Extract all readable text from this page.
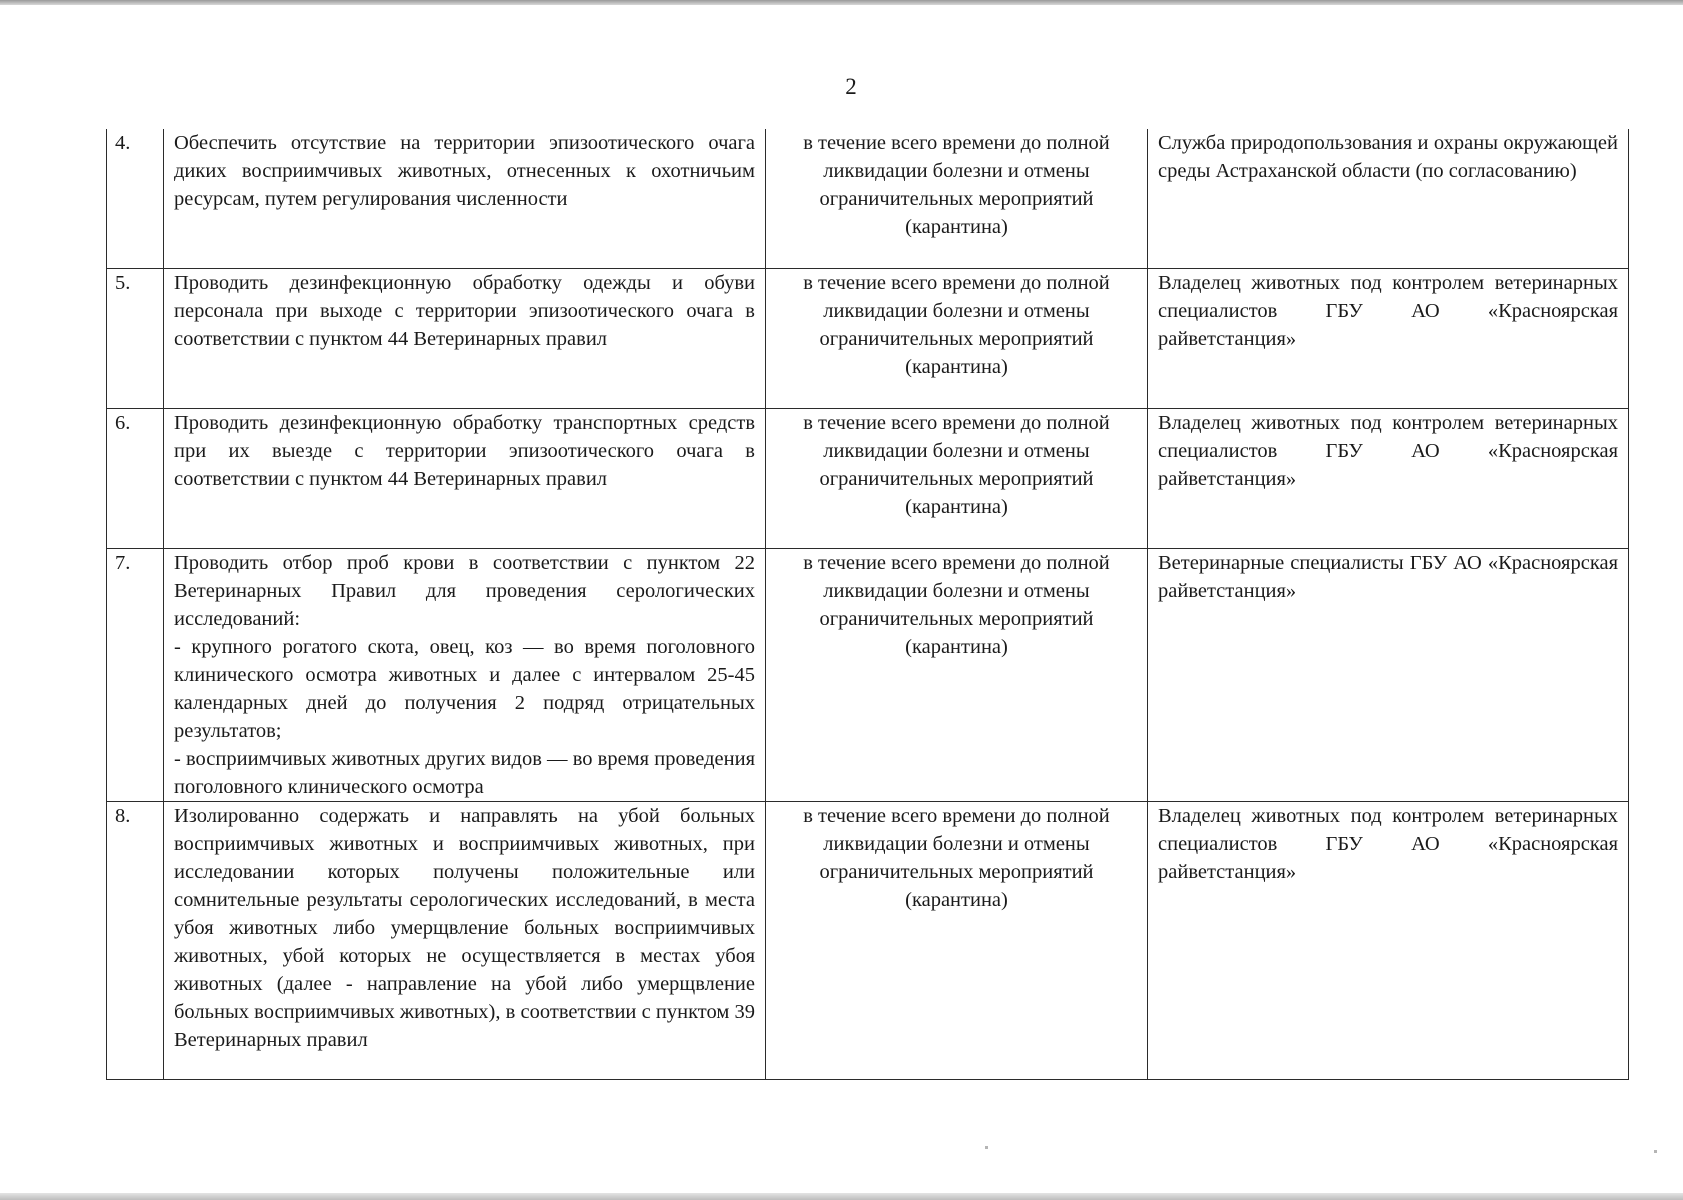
2
4.	Обеспечить отсутствие на территории эпизоотического очага диких восприимчивых животных, отнесенных к охотничьим ресурсам, путем регулирования численности	в течение всего времени до полной ликвидации болезни и отмены ограничительных мероприятий (карантина)	Служба природопользования и охраны окружающей среды Астраханской области (по согласованию)
5.	Проводить дезинфекционную обработку одежды и обуви персонала при выходе с территории эпизоотического очага в соответствии с пунктом 44 Ветеринарных правил	в течение всего времени до полной ликвидации болезни и отмены ограничительных мероприятий (карантина)	Владелец животных под контролем ветеринарных специалистов ГБУ АО «Красноярская райветстанция»
6.	Проводить дезинфекционную обработку транспортных средств при их выезде с территории эпизоотического очага в соответствии с пунктом 44 Ветеринарных правил	в течение всего времени до полной ликвидации болезни и отмены ограничительных мероприятий (карантина)	Владелец животных под контролем ветеринарных специалистов ГБУ АО «Красноярская райветстанция»
7.	Проводить отбор проб крови в соответствии с пунктом 22 Ветеринарных Правил для проведения серологических исследований:
- крупного рогатого скота, овец, коз — во время поголовного клинического осмотра животных и далее с интервалом 25-45 календарных дней до получения 2 подряд отрицательных результатов;
- восприимчивых животных других видов — во время проведения поголовного клинического осмотра	в течение всего времени до полной ликвидации болезни и отмены ограничительных мероприятий (карантина)	Ветеринарные специалисты ГБУ АО «Красноярская райветстанция»
8.	Изолированно содержать и направлять на убой больных восприимчивых животных и восприимчивых животных, при исследовании которых получены положительные или сомнительные результаты серологических исследований, в места убоя животных либо умерщвление больных восприимчивых животных, убой которых не осуществляется в местах убоя животных (далее - направление на убой либо умерщвление больных восприимчивых животных), в соответствии с пунктом 39 Ветеринарных правил	в течение всего времени до полной ликвидации болезни и отмены ограничительных мероприятий (карантина)	Владелец животных под контролем ветеринарных специалистов ГБУ АО «Красноярская райветстанция»
